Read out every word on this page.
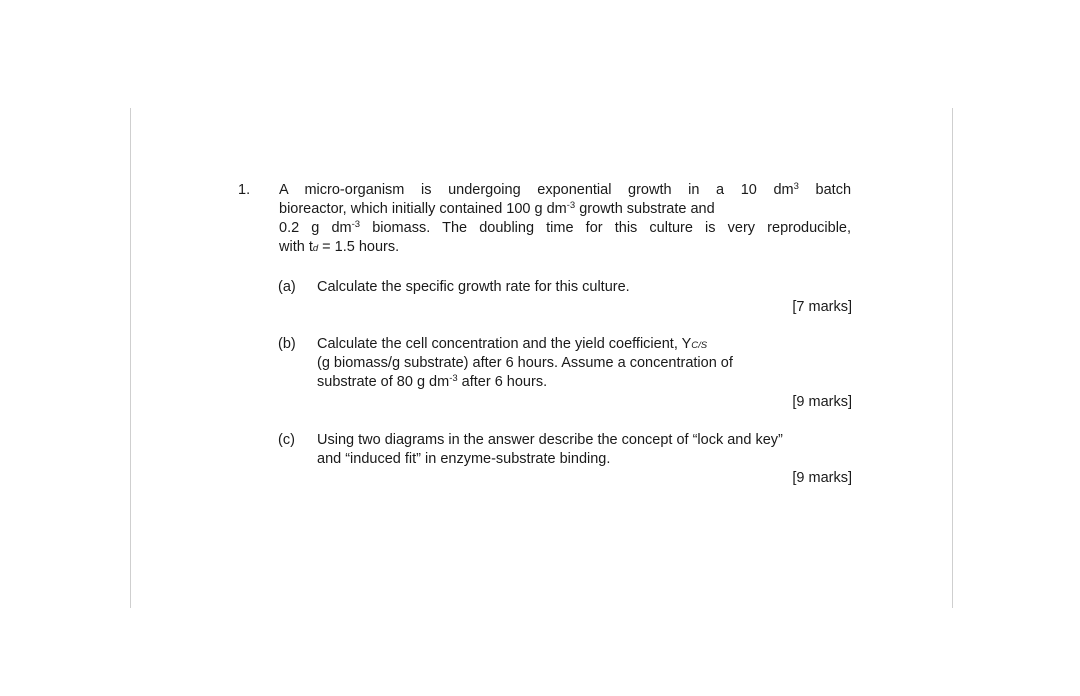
1. A micro-organism is undergoing exponential growth in a 10 $dm^3$ batch
bioreactor, which initially contained 100 g $dm^{-3}$ growth substrate and
0.2 g $dm^{-3}$ biomass. The doubling time for this culture is very reproducible,
with td = 1.5 hours.
(a) Calculate the specific growth rate for this culture.
[7 marks]
(b) Calculate the cell concentration and the yield coefficient, YC/S
(g biomass/g substrate) after 6 hours. Assume a concentration of
substrate of 80 g $dm^{-3}$ after 6 hours.
[9 marks]
(c) Using two diagrams in the answer describe the concept of “lock and key”
and “induced fit” in enzyme-substrate binding.
[9 marks]
